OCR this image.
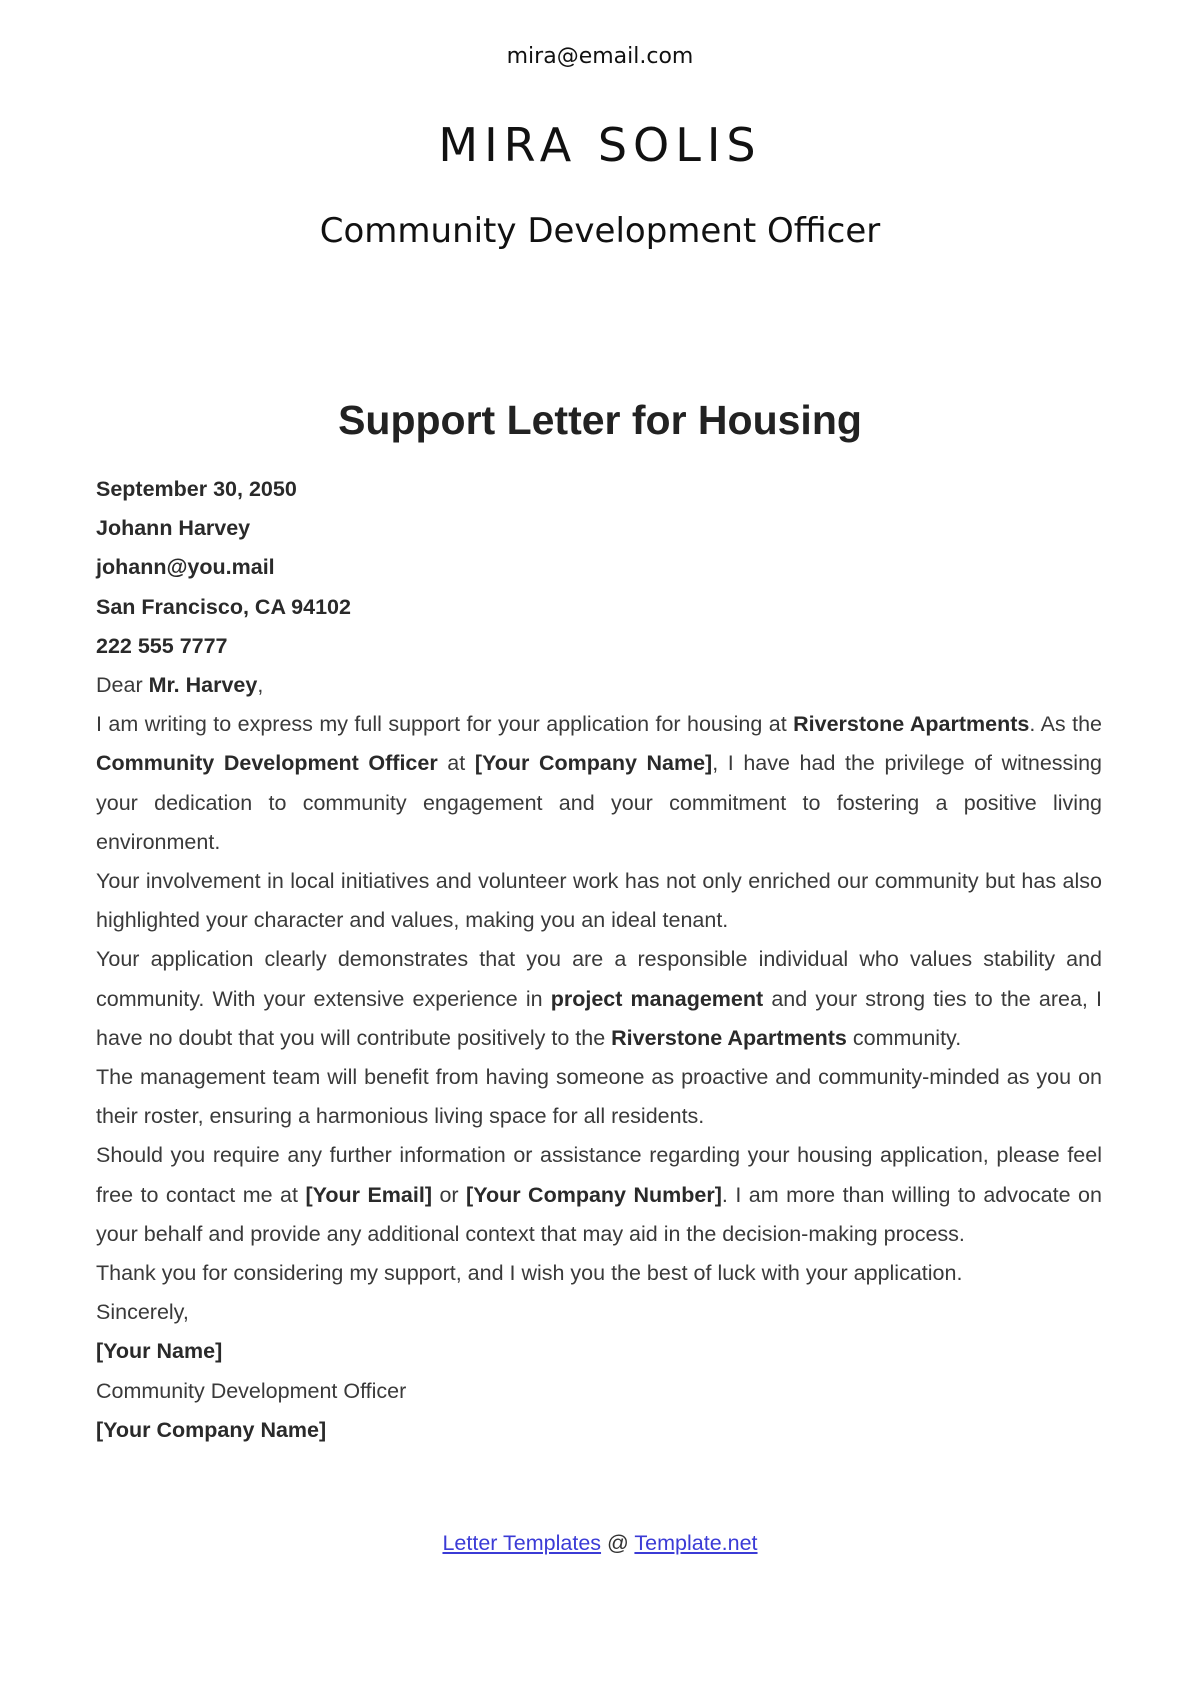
mira@email.com
MIRA SOLIS
Community Development Officer
Support Letter for Housing

September 30, 2050

Johann Harvey

johann@you.mail

San Francisco, CA 94102

222 555 7777

Dear Mr. Harvey,

I am writing to express my full support for your application for housing at Riverstone Apartments. As the Community Development Officer at [Your Company Name], I have had the privilege of witnessing your dedication to community engagement and your commitment to fostering a positive living environment.

Your involvement in local initiatives and volunteer work has not only enriched our community but has also highlighted your character and values, making you an ideal tenant.

Your application clearly demonstrates that you are a responsible individual who values stability and community. With your extensive experience in project management and your strong ties to the area, I have no doubt that you will contribute positively to the Riverstone Apartments community.

The management team will benefit from having someone as proactive and community-minded as you on their roster, ensuring a harmonious living space for all residents.

Should you require any further information or assistance regarding your housing application, please feel free to contact me at [Your Email] or [Your Company Number]. I am more than willing to advocate on your behalf and provide any additional context that may aid in the decision-making process.

Thank you for considering my support, and I wish you the best of luck with your application.

Sincerely,

[Your Name]

Community Development Officer

[Your Company Name]

Letter Templates @ Template.net
